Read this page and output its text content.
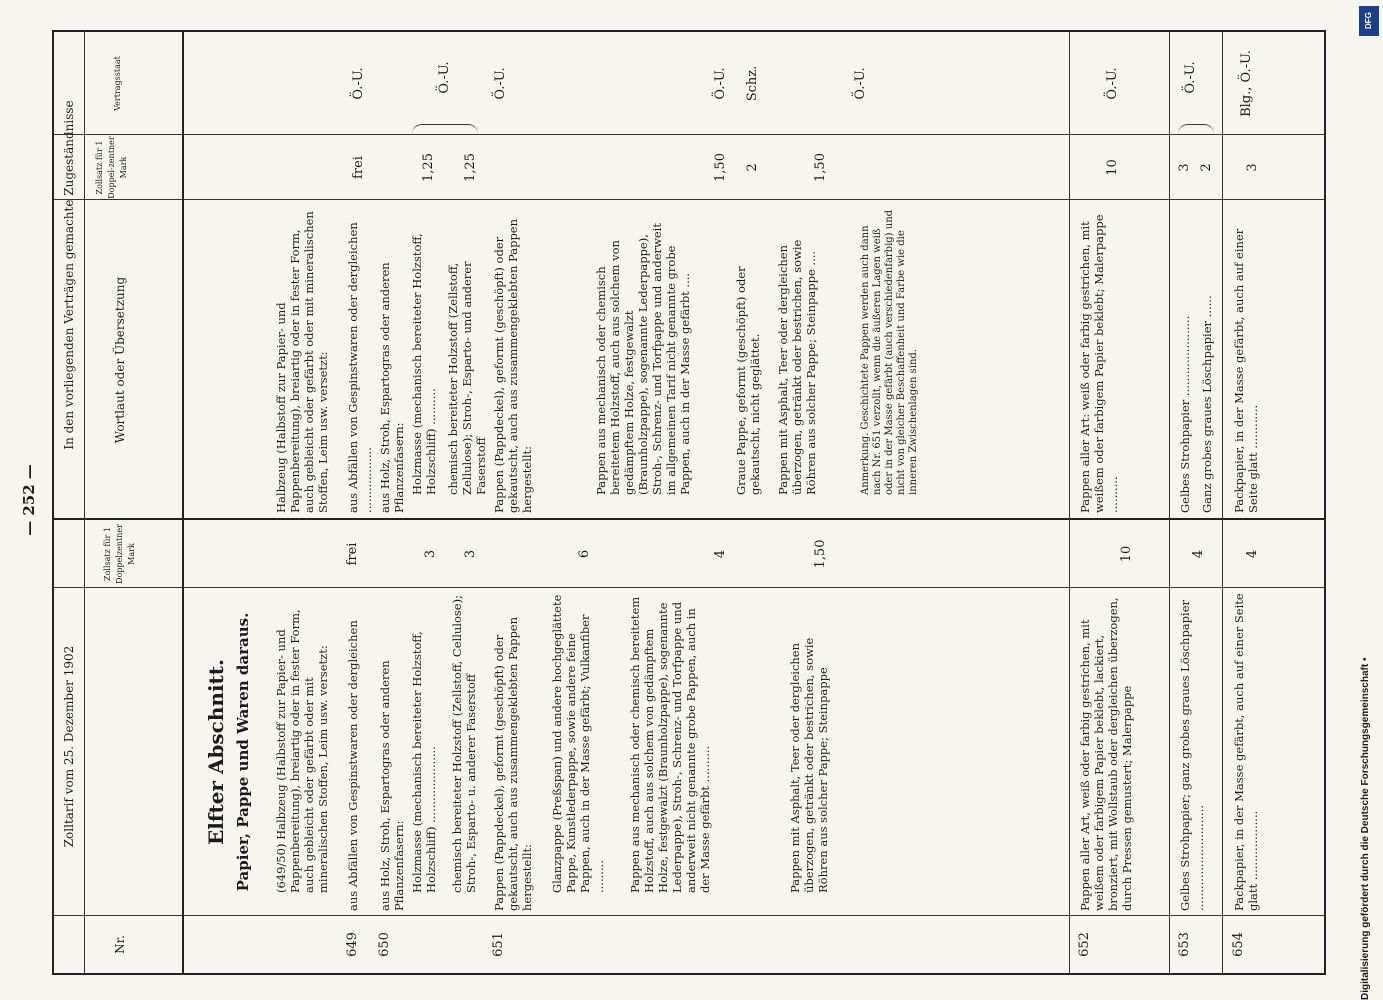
— 252 —
Zolltarif vom 25. Dezember 1902
In den vorliegenden Verträgen gemachte Zugeständnisse
Nr.
Zollsatz für 1 Doppelzentner Mark
Wortlaut oder Übersetzung
Zollsatz für 1 Doppel-zentner Mark
Vertragsstaat
Elfter Abschnitt. Papier, Pappe und Waren daraus. (649/50) Halbzeug (Halbstoff zur Papier- und Pappenbereitung), breiartig oder in fester Form, auch gebleicht oder gefärbt oder mit mineralischen Stoffen, Leim usw. versetzt:
649
aus Abfällen von Gespinstwaren oder dergleichen
frei
650
aus Holz, Stroh, Espartogras oder anderen Pflanzenfasern: Holzmasse (mechanisch bereiteter Holzstoff, Holzschliff) .....................
3
chemisch bereiteter Holzstoff (Zellstoff, Cellulose); Stroh-, Esparto- u. anderer Faserstoff
3
651
Pappen (Pappdeckel), geformt (geschöpft) oder gekautscht, auch aus zusammengeklebten Pappen hergestellt: Glanzpappe (Preßspan) und andere hochgeglättete Pappe, Kunstlederpappe, sowie andere feine Pappen, auch in der Masse gefärbt; Vulkanfiber .........
6
Pappen aus mechanisch oder chemisch bereitetem Holzstoff, auch aus solchem von gedämpftem Holze, festgewalzt (Braunholzpappe), sogenannte Lederpappe), Stroh-, Schrenz- und Torfpappe und anderweit nicht genannte grobe Pappen, auch in der Masse gefärbt ..........
4
Pappen mit Asphalt, Teer oder dergleichen überzogen, getränkt oder bestrichen, sowie Röhren aus solcher Pappe; Steinpappe
1,50
652
Pappen aller Art, weiß oder farbig gestrichen, mit weißem oder farbigem Papier beklebt, lackiert, bronziert, mit Wollstaub oder dergleichen überzogen, durch Pressen gemustert; Malerpappe
10
653
Gelbes Strohpapier; ganz grobes graues Löschpapier .............................
4
654
Packpapier, in der Masse gefärbt, auch auf einer Seite glatt ...................
4
Halbzeug (Halbstoff zur Papier- und Pappenbereitung), breiartig oder in fester Form, auch gebleicht oder gefärbt oder mit mineralischen Stoffen, Leim usw. versetzt: aus Abfällen von Gespinstwaren oder dergleichen ..................
frei
Ö.-U.
aus Holz, Stroh, Espartogras oder anderen Pflanzenfasern: Holzmasse (mechanisch bereiteter Holzstoff, Holzschliff) ..........
1,25
Ö.-U.
chemisch bereiteter Holzstoff (Zellstoff, Zellulose); Stroh-, Esparto- und anderer Faserstoff
1,25
Pappen (Pappdeckel), geformt (geschöpft) oder gekautscht, auch aus zusammengeklebten Pappen hergestellt:
Ö.-U.
Pappen aus mechanisch oder chemisch bereitetem Holzstoff, auch aus solchem von gedämpftem Holze, festgewalzt (Braunholzpappe), sogenannte Lederpappe), Stroh-, Schrenz- und Torfpappe und anderweit im allgemeinen Tarif nicht genannte grobe Pappen, auch in der Masse gefärbt ....
1,50
Ö.-U.
Graue Pappe, geformt (geschöpft) oder gekautscht, nicht geglättet.
2
Schz.
Pappen mit Asphalt, Teer oder dergleichen überzogen, getränkt oder bestrichen, sowie Röhren aus solcher Pappe; Steinpappe ....
1,50
Ö.-U.
Anmerkung. Geschichtete Pappen werden auch dann nach Nr. 651 verzollt, wenn die äußeren Lagen weiß oder in der Masse gefärbt (auch verschiedenfarbig) und nicht von gleicher Beschaffenheit und Farbe wie die inneren Zwischenlagen sind.	Pappen aller Art: weiß oder farbig gestrichen, mit weißem oder farbigem Papier beklebt; Malerpappe ..........
10
Ö.-U.
Gelbes Strohpapier ......................
3
Ö.-U.
Ganz grobes graues Löschpapier ......
2
Packpapier, in der Masse gefärbt, auch auf einer Seite glatt ............
3
Blg., Ö.-U.
Digitalisierung gefördert durch die Deutsche Forschungsgemeinschaft •
DFG
